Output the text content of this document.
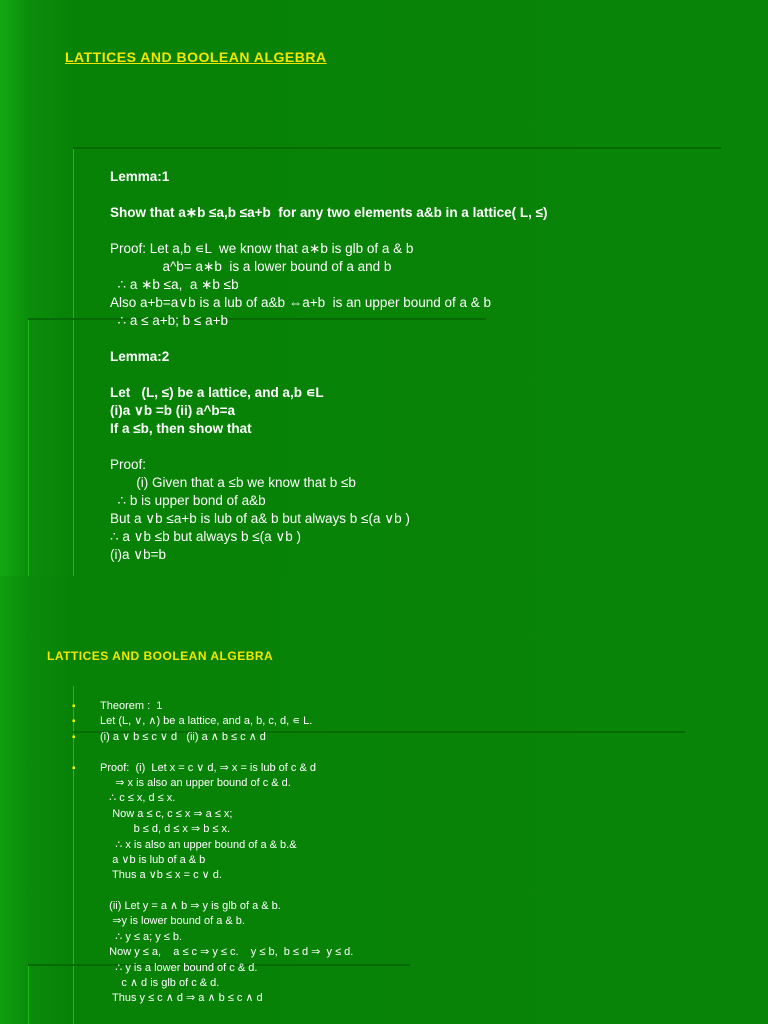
LATTICES AND BOOLEAN ALGEBRA
Lemma:1
Show that a∗b ≤a,b ≤a+b  for any two elements a&b in a lattice( L, ≤)
Proof: Let a,b ∊L  we know that a∗b is glb of a & b
a^b= a∗b  is a lower bound of a and b
∴ a ∗b ≤a,  a ∗b ≤b
Also a+b=a∨b is a lub of a&b ⇔a+b  is an upper bound of a & b
∴ a ≤ a+b; b ≤ a+b
Lemma:2
Let   (L, ≤) be a lattice, and a,b ∊L
(i)a ∨b =b (ii) a^b=a
If a ≤b, then show that
Proof:
(i) Given that a ≤b we know that b ≤b
∴ b is upper bond of a&b
But a ∨b ≤a+b is lub of a& b but always b ≤(a ∨b )
∴ a ∨b ≤b but always b ≤(a ∨b )
(i)a ∨b=b
LATTICES AND BOOLEAN ALGEBRA
▪ Theorem :  1
▪ Let (L, ∨, ∧) be a lattice, and a, b, c, d, ∊ L.
▪ (i) a ∨ b ≤ c ∨ d   (ii) a ∧ b ≤ c ∧ d
▪ Proof:  (i)  Let x = c ∨ d, ⇒ x = is lub of c & d
⇒ x is also an upper bound of c & d.
∴ c ≤ x, d ≤ x.
Now a ≤ c, c ≤ x ⇒ a ≤ x;
b ≤ d, d ≤ x ⇒ b ≤ x.
∴ x is also an upper bound of a & b.&
a ∨b is lub of a & b
Thus a ∨b ≤ x = c ∨ d.
(ii) Let y = a ∧ b ⇒ y is glb of a & b.
⇒y is lower bound of a & b.
∴ y ≤ a; y ≤ b.
Now y ≤ a,    a ≤ c ⇒ y ≤ c.    y ≤ b,  b ≤ d ⇒  y ≤ d.
∴ y is a lower bound of c & d.
c ∧ d is glb of c & d.
Thus y ≤ c ∧ d ⇒ a ∧ b ≤ c ∧ d
